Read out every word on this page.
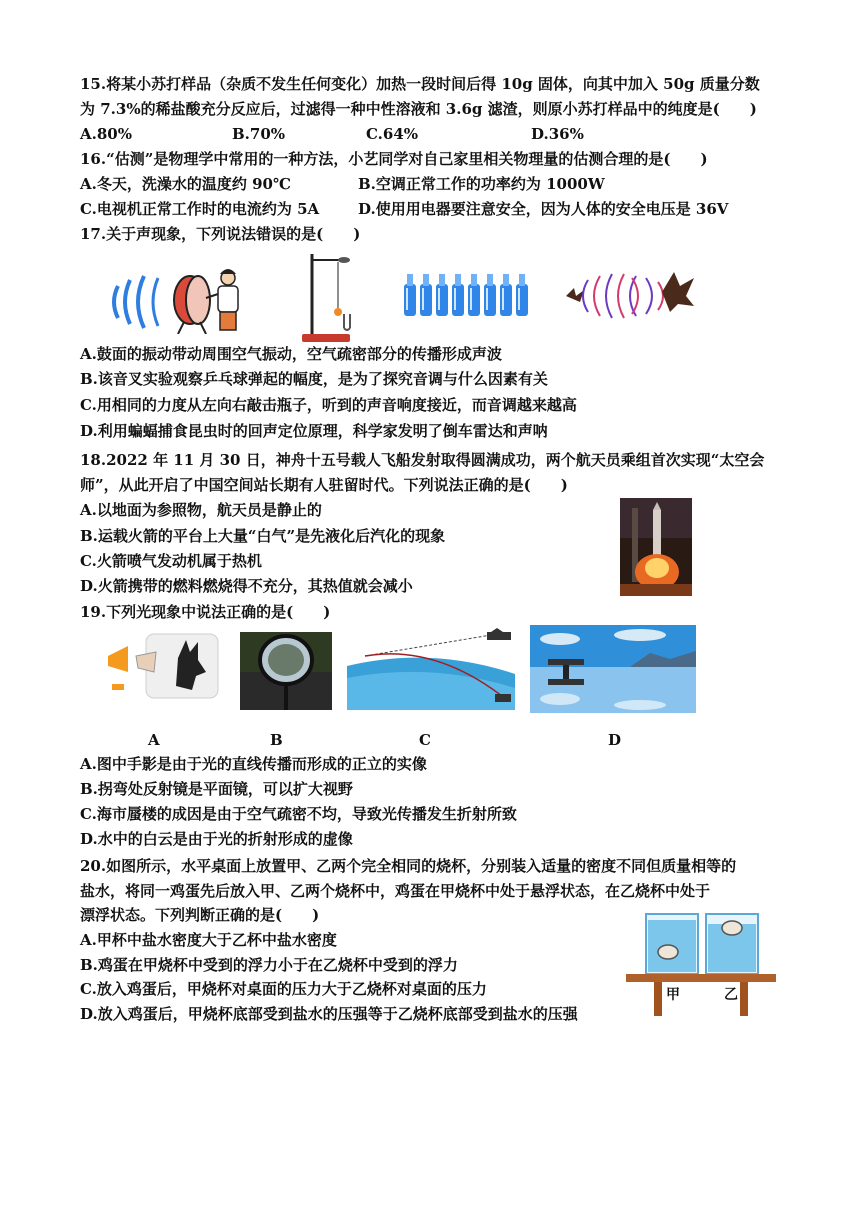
15.将某小苏打样品（杂质不发生任何变化）加热一段时间后得 10g 固体，向其中加入 50g 质量分数
为 7.3%的稀盐酸充分反应后，过滤得一种中性溶液和 3.6g 滤渣，则原小苏打样品中的纯度是(　　)
A.80%	B.70%	C.64%	D.36%
16.“估测”是物理学中常用的一种方法，小艺同学对自己家里相关物理量的估测合理的是(　　)
A.冬天，洗澡水的温度约 90℃	B.空调正常工作的功率约为 1000W
C.电视机正常工作时的电流约为 5A	D.使用用电器要注意安全，因为人体的安全电压是 36V
17.关于声现象，下列说法错误的是(　　)
A.鼓面的振动带动周围空气振动，空气疏密部分的传播形成声波
B.该音叉实验观察乒乓球弹起的幅度，是为了探究音调与什么因素有关
C.用相同的力度从左向右敲击瓶子，听到的声音响度接近，而音调越来越高
D.利用蝙蝠捕食昆虫时的回声定位原理，科学家发明了倒车雷达和声呐
18.2022 年 11 月 30 日，神舟十五号载人飞船发射取得圆满成功，两个航天员乘组首次实现“太空会
师”，从此开启了中国空间站长期有人驻留时代。下列说法正确的是(　　)
A.以地面为参照物，航天员是静止的
B.运载火箭的平台上大量“白气”是先液化后汽化的现象
C.火箭喷气发动机属于热机
D.火箭携带的燃料燃烧得不充分，其热值就会减小
19.下列光现象中说法正确的是(　　)
A	B	C	D
A.图中手影是由于光的直线传播而形成的正立的实像
B.拐弯处反射镜是平面镜，可以扩大视野
C.海市蜃楼的成因是由于空气疏密不均，导致光传播发生折射所致
D.水中的白云是由于光的折射形成的虚像
20.如图所示，水平桌面上放置甲、乙两个完全相同的烧杯，分别装入适量的密度不同但质量相等的
盐水，将同一鸡蛋先后放入甲、乙两个烧杯中，鸡蛋在甲烧杯中处于悬浮状态，在乙烧杯中处于
漂浮状态。下列判断正确的是(　　)
A.甲杯中盐水密度大于乙杯中盐水密度
B.鸡蛋在甲烧杯中受到的浮力小于在乙烧杯中受到的浮力
C.放入鸡蛋后，甲烧杯对桌面的压力大于乙烧杯对桌面的压力
D.放入鸡蛋后，甲烧杯底部受到盐水的压强等于乙烧杯底部受到盐水的压强
甲	乙
